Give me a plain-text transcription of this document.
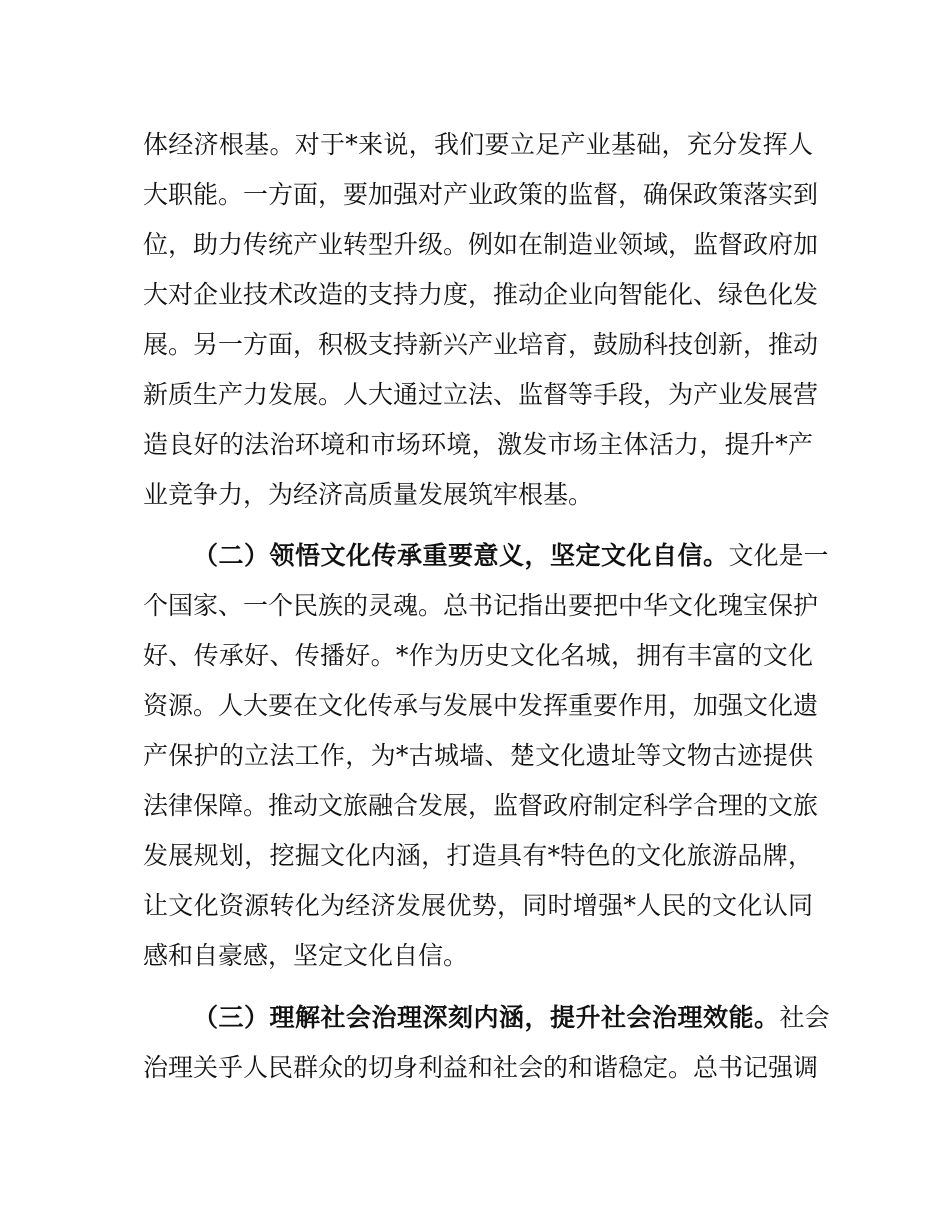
体经济根基。对于*来说，我们要立足产业基础，充分发挥人
大职能。一方面，要加强对产业政策的监督，确保政策落实到
位，助力传统产业转型升级。例如在制造业领域，监督政府加
大对企业技术改造的支持力度，推动企业向智能化、绿色化发
展。另一方面，积极支持新兴产业培育，鼓励科技创新，推动
新质生产力发展。人大通过立法、监督等手段，为产业发展营
造良好的法治环境和市场环境，激发市场主体活力，提升*产
业竞争力，为经济高质量发展筑牢根基。
（二）领悟文化传承重要意义，坚定文化自信。文化是一
个国家、一个民族的灵魂。总书记指出要把中华文化瑰宝保护
好、传承好、传播好。*作为历史文化名城，拥有丰富的文化
资源。人大要在文化传承与发展中发挥重要作用，加强文化遗
产保护的立法工作，为*古城墙、楚文化遗址等文物古迹提供
法律保障。推动文旅融合发展，监督政府制定科学合理的文旅
发展规划，挖掘文化内涵，打造具有*特色的文化旅游品牌，
让文化资源转化为经济发展优势，同时增强*人民的文化认同
感和自豪感，坚定文化自信。
（三）理解社会治理深刻内涵，提升社会治理效能。社会
治理关乎人民群众的切身利益和社会的和谐稳定。总书记强调
